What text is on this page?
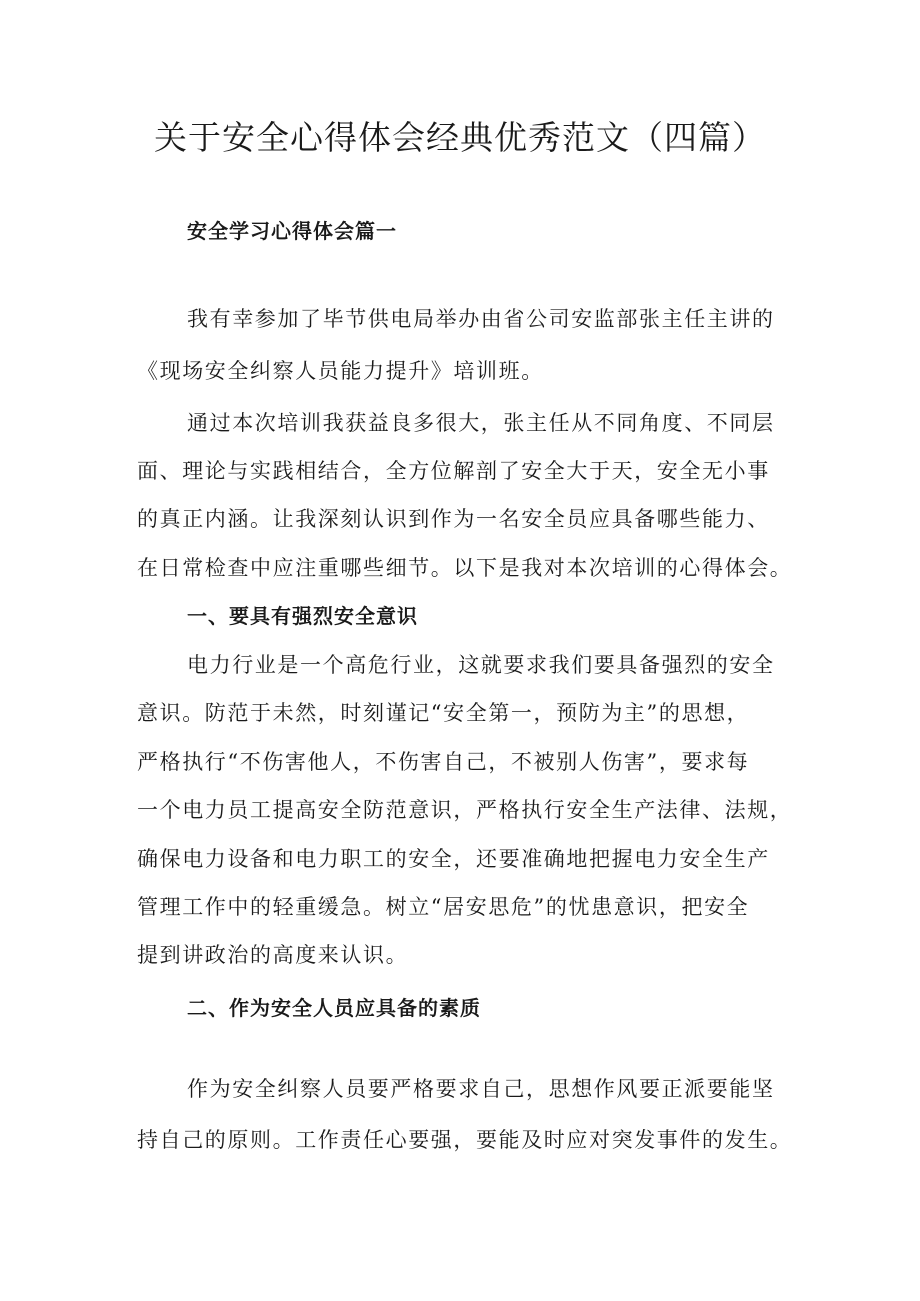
关于安全心得体会经典优秀范文（四篇）

安全学习心得体会篇一

我有幸参加了毕节供电局举办由省公司安监部张主任主讲的

《现场安全纠察人员能力提升》培训班。

通过本次培训我获益良多很大，张主任从不同角度、不同层

面、理论与实践相结合，全方位解剖了安全大于天，安全无小事

的真正内涵。让我深刻认识到作为一名安全员应具备哪些能力、

在日常检查中应注重哪些细节。以下是我对本次培训的心得体会。

一、要具有强烈安全意识

电力行业是一个高危行业，这就要求我们要具备强烈的安全

意识。防范于未然，时刻谨记“安全第一，预防为主”的思想，

严格执行“不伤害他人，不伤害自己，不被别人伤害”，要求每

一个电力员工提高安全防范意识，严格执行安全生产法律、法规，

确保电力设备和电力职工的安全，还要准确地把握电力安全生产

管理工作中的轻重缓急。树立“居安思危”的忧患意识，把安全

提到讲政治的高度来认识。

二、作为安全人员应具备的素质

作为安全纠察人员要严格要求自己，思想作风要正派要能坚

持自己的原则。工作责任心要强，要能及时应对突发事件的发生。
